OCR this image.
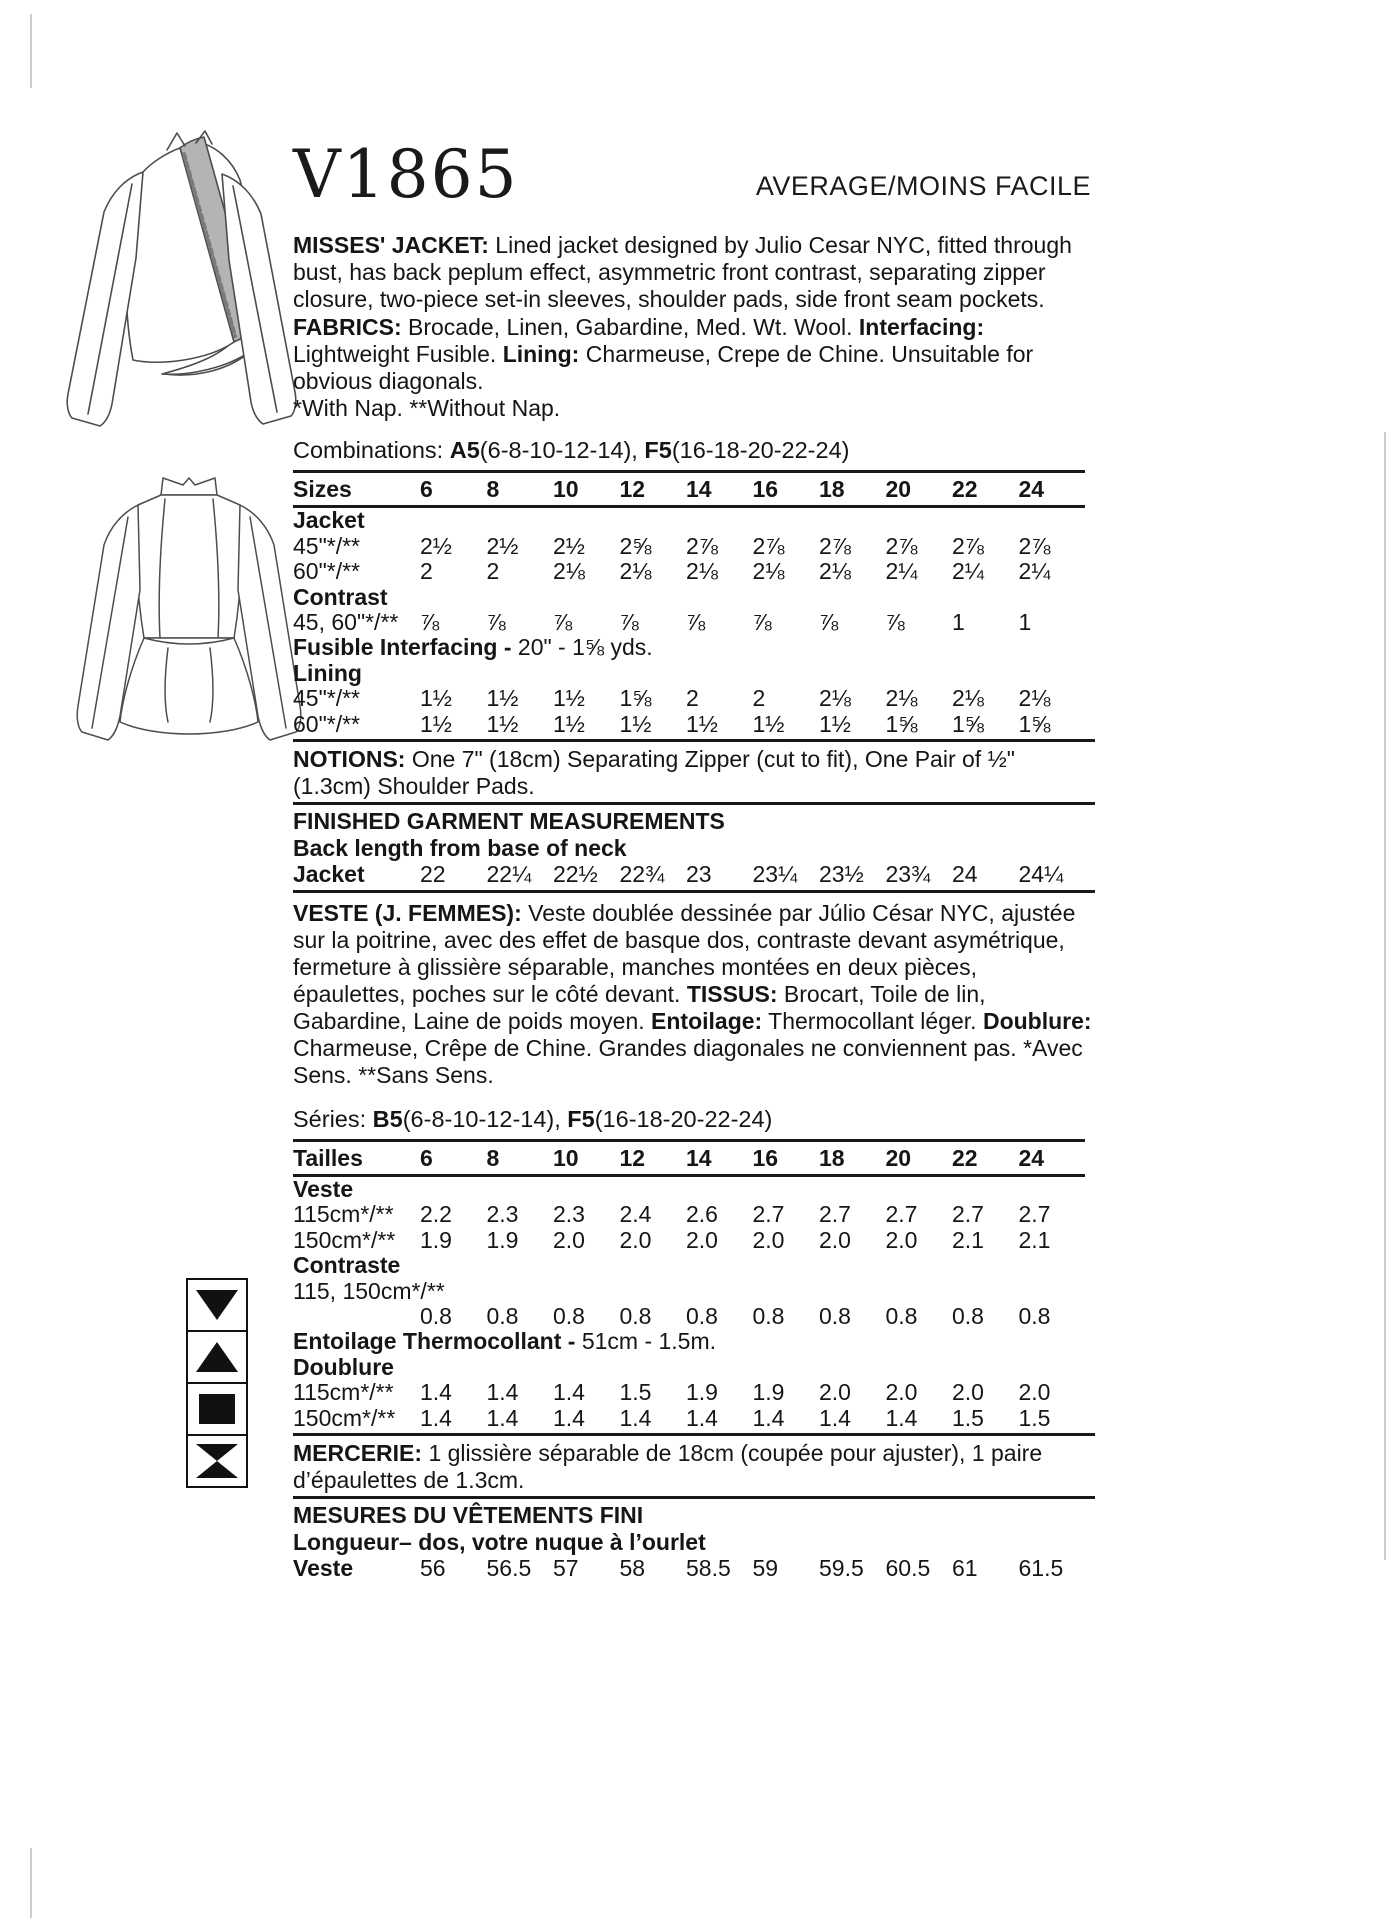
V1865	AVERAGE/MOINS FACILE
MISSES' JACKET: Lined jacket designed by Julio Cesar NYC, fitted through bust, has back peplum effect, asymmetric front contrast, separating zipper closure, two-piece set-in sleeves, shoulder pads, side front seam pockets. FABRICS: Brocade, Linen, Gabardine, Med. Wt. Wool. Interfacing: Lightweight Fusible. Lining: Charmeuse, Crepe de Chine. Unsuitable for obvious diagonals.
*With Nap. **Without Nap.
Combinations: A5(6-8-10-12-14), F5(16-18-20-22-24)
Sizes	6	8	10	12	14	16	18	20	22	24
Jacket
45"*/**	2½	2½	2½	2⅝	2⅞	2⅞	2⅞	2⅞	2⅞	2⅞
60"*/**	2	2	2⅛	2⅛	2⅛	2⅛	2⅛	2¼	2¼	2¼
Contrast
45, 60"*/** ⅞	⅞	⅞	⅞	⅞	⅞	⅞	⅞	1	1
Fusible Interfacing - 20" - 1⅝ yds.
Lining
45"*/**	1½	1½	1½	1⅝	2	2	2⅛	2⅛	2⅛	2⅛
60"*/**	1½	1½	1½	1½	1½	1½	1½	1⅝	1⅝	1⅝
NOTIONS: One 7" (18cm) Separating Zipper (cut to fit), One Pair of ½" (1.3cm) Shoulder Pads.
FINISHED GARMENT MEASUREMENTS
Back length from base of neck
Jacket	22	22¼ 22½ 22¾ 23	23¼ 23½ 23¾ 24	24¼
VESTE (J. FEMMES): Veste doublée dessinée par Júlio César NYC, ajustée sur la poitrine, avec des effet de basque dos, contraste devant asymétrique, fermeture à glissière séparable, manches montées en deux pièces, épaulettes, poches sur le côté devant. TISSUS: Brocart, Toile de lin, Gabardine, Laine de poids moyen. Entoilage: Thermocollant léger. Doublure: Charmeuse, Crêpe de Chine. Grandes diagonales ne conviennent pas. *Avec Sens. **Sans Sens.
Séries: B5(6-8-10-12-14), F5(16-18-20-22-24)
Tailles	6	8	10	12	14	16	18	20	22	24
Veste
115cm*/**	2.2	2.3	2.3	2.4	2.6	2.7	2.7	2.7	2.7	2.7
150cm*/**	1.9	1.9	2.0	2.0	2.0	2.0	2.0	2.0	2.1	2.1
Contraste
115, 150cm*/**
0.8	0.8	0.8	0.8	0.8	0.8	0.8	0.8	0.8	0.8
Entoilage Thermocollant - 51cm - 1.5m.
Doublure
115cm*/**	1.4	1.4	1.4	1.5	1.9	1.9	2.0	2.0	2.0	2.0
150cm*/**	1.4	1.4	1.4	1.4	1.4	1.4	1.4	1.4	1.5	1.5
MERCERIE: 1 glissière séparable de 18cm (coupée pour ajuster), 1 paire d’épaulettes de 1.3cm.
MESURES DU VÊTEMENTS FINI
Longueur– dos, votre nuque à l’ourlet
Veste	56	56.5 57	58	58.5 59	59.5 60.5 61	61.5
